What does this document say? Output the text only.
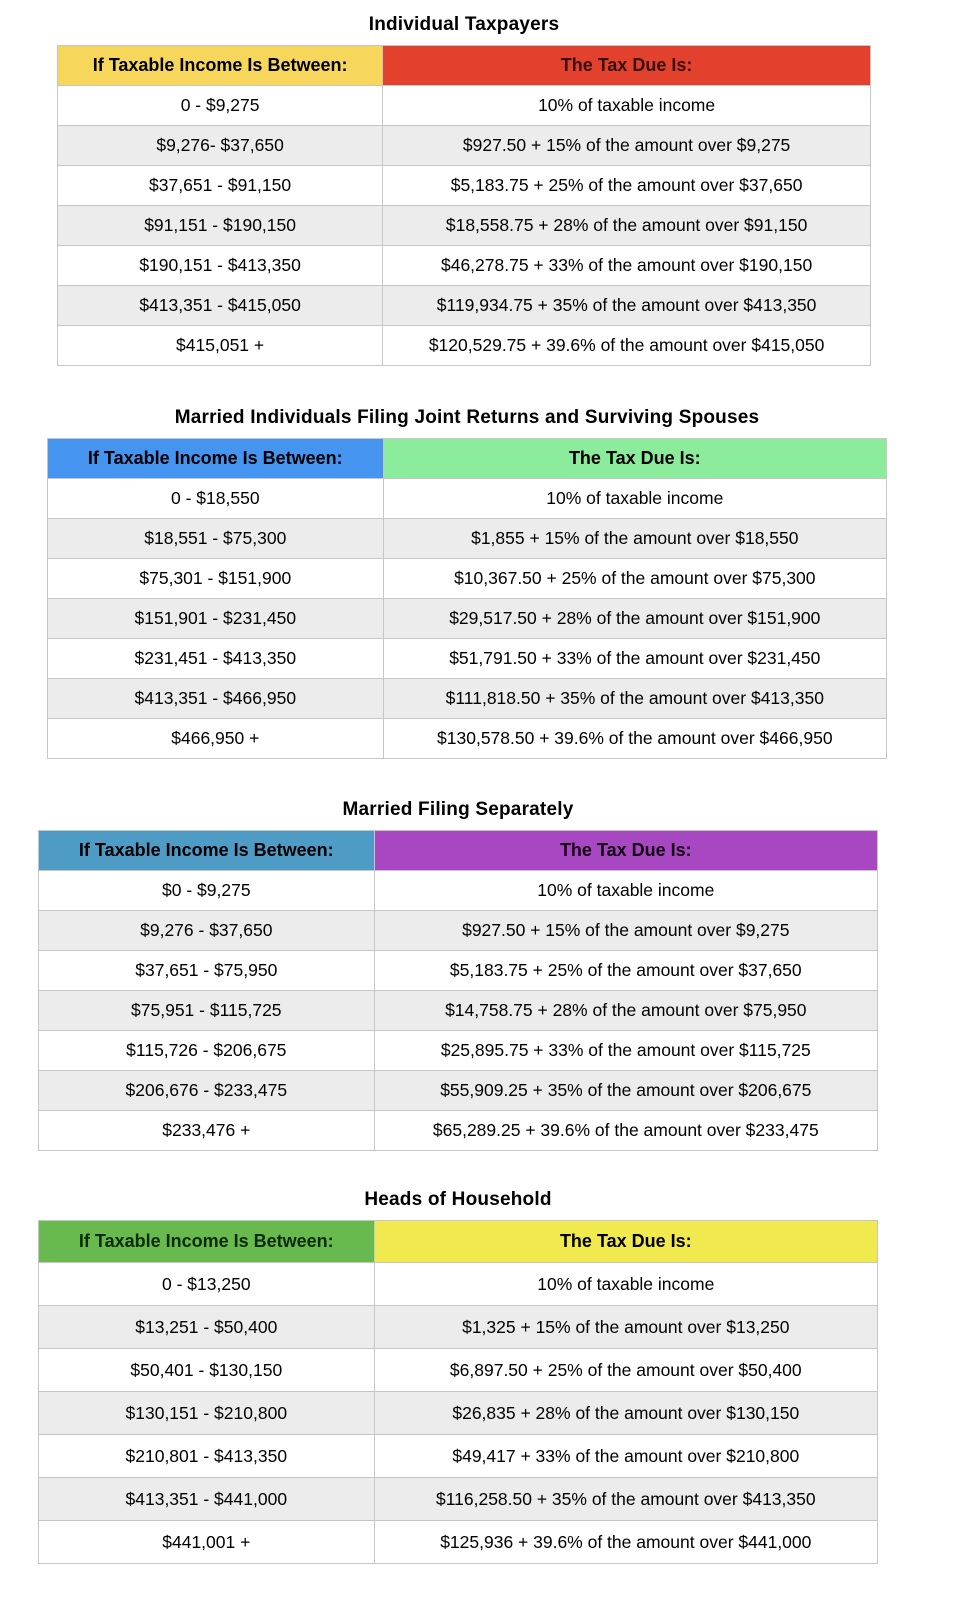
Individual Taxpayers
If Taxable Income Is Between:	The Tax Due Is:
0 - $9,275	10% of taxable income
$9,276- $37,650	$927.50 + 15% of the amount over $9,275
$37,651 - $91,150	$5,183.75 + 25% of the amount over $37,650
$91,151 - $190,150	$18,558.75 + 28% of the amount over $91,150
$190,151 - $413,350	$46,278.75 + 33% of the amount over $190,150
$413,351 - $415,050	$119,934.75 + 35% of the amount over $413,350
$415,051 +	$120,529.75 + 39.6% of the amount over $415,050
Married Individuals Filing Joint Returns and Surviving Spouses
If Taxable Income Is Between:	The Tax Due Is:
0 - $18,550	10% of taxable income
$18,551 - $75,300	$1,855 + 15% of the amount over $18,550
$75,301 - $151,900	$10,367.50 + 25% of the amount over $75,300
$151,901 - $231,450	$29,517.50 + 28% of the amount over $151,900
$231,451 - $413,350	$51,791.50 + 33% of the amount over $231,450
$413,351 - $466,950	$111,818.50 + 35% of the amount over $413,350
$466,950 +	$130,578.50 + 39.6% of the amount over $466,950
Married Filing Separately
If Taxable Income Is Between:	The Tax Due Is:
$0 - $9,275	10% of taxable income
$9,276 - $37,650	$927.50 + 15% of the amount over $9,275
$37,651 - $75,950	$5,183.75 + 25% of the amount over $37,650
$75,951 - $115,725	$14,758.75 + 28% of the amount over $75,950
$115,726 - $206,675	$25,895.75 + 33% of the amount over $115,725
$206,676 - $233,475	$55,909.25 + 35% of the amount over $206,675
$233,476 +	$65,289.25 + 39.6% of the amount over $233,475
Heads of Household
If Taxable Income Is Between:	The Tax Due Is:
0 - $13,250	10% of taxable income
$13,251 - $50,400	$1,325 + 15% of the amount over $13,250
$50,401 - $130,150	$6,897.50 + 25% of the amount over $50,400
$130,151 - $210,800	$26,835 + 28% of the amount over $130,150
$210,801 - $413,350	$49,417 + 33% of the amount over $210,800
$413,351 - $441,000	$116,258.50 + 35% of the amount over $413,350
$441,001 +	$125,936 + 39.6% of the amount over $441,000
